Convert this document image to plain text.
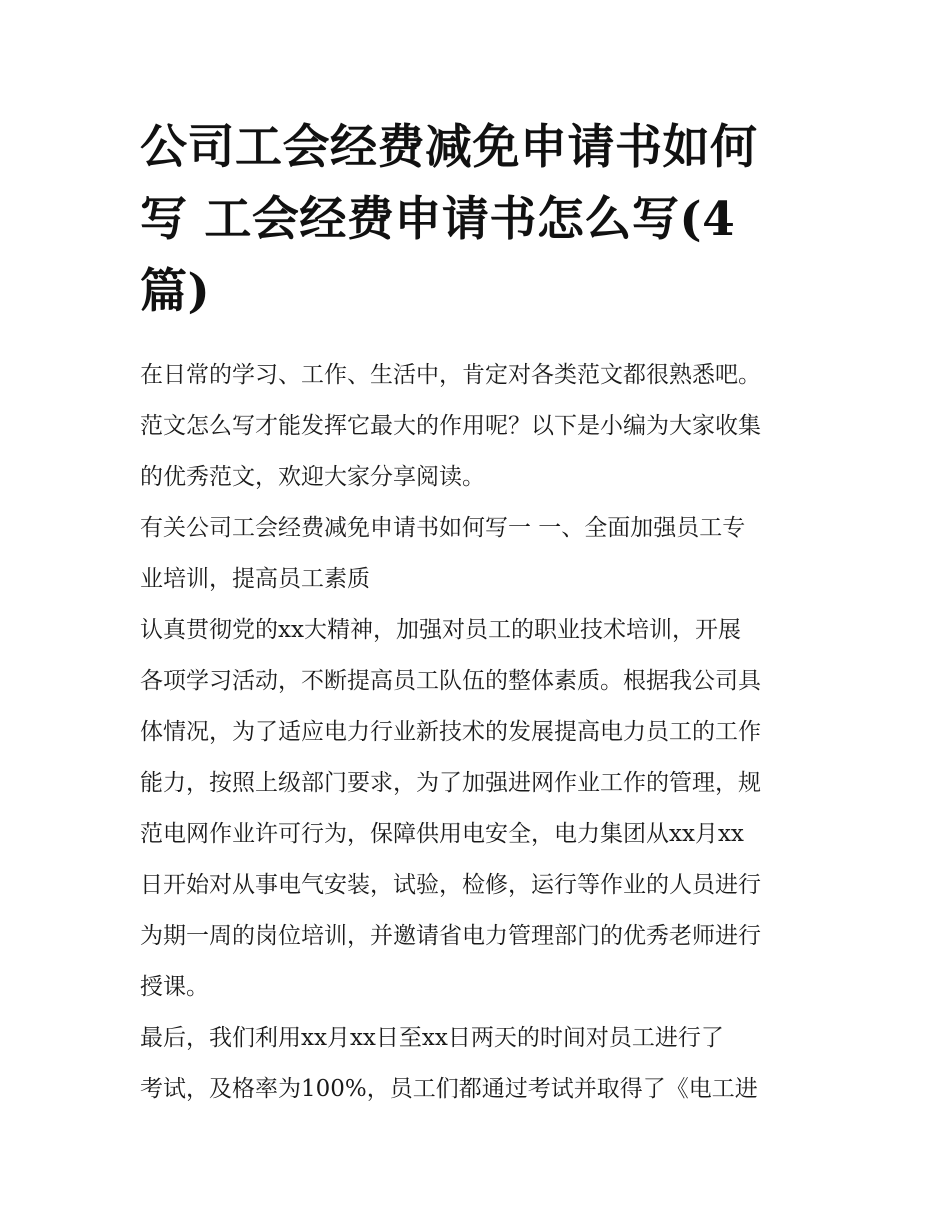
公司工会经费减免申请书如何
写 工会经费申请书怎么写(4
篇)

在日常的学习、工作、生活中，肯定对各类范文都很熟悉吧。
范文怎么写才能发挥它最大的作用呢？以下是小编为大家收集
的优秀范文，欢迎大家分享阅读。

有关公司工会经费减免申请书如何写一 一、全面加强员工专
业培训，提高员工素质

认真贯彻党的xx大精神，加强对员工的职业技术培训，开展
各项学习活动，不断提高员工队伍的整体素质。根据我公司具
体情况，为了适应电力行业新技术的发展提高电力员工的工作
能力，按照上级部门要求，为了加强进网作业工作的管理，规
范电网作业许可行为，保障供用电安全，电力集团从xx月xx
日开始对从事电气安装，试验，检修，运行等作业的人员进行
为期一周的岗位培训，并邀请省电力管理部门的优秀老师进行
授课。

最后，我们利用xx月xx日至xx日两天的时间对员工进行了
考试，及格率为100%，员工们都通过考试并取得了《电工进
